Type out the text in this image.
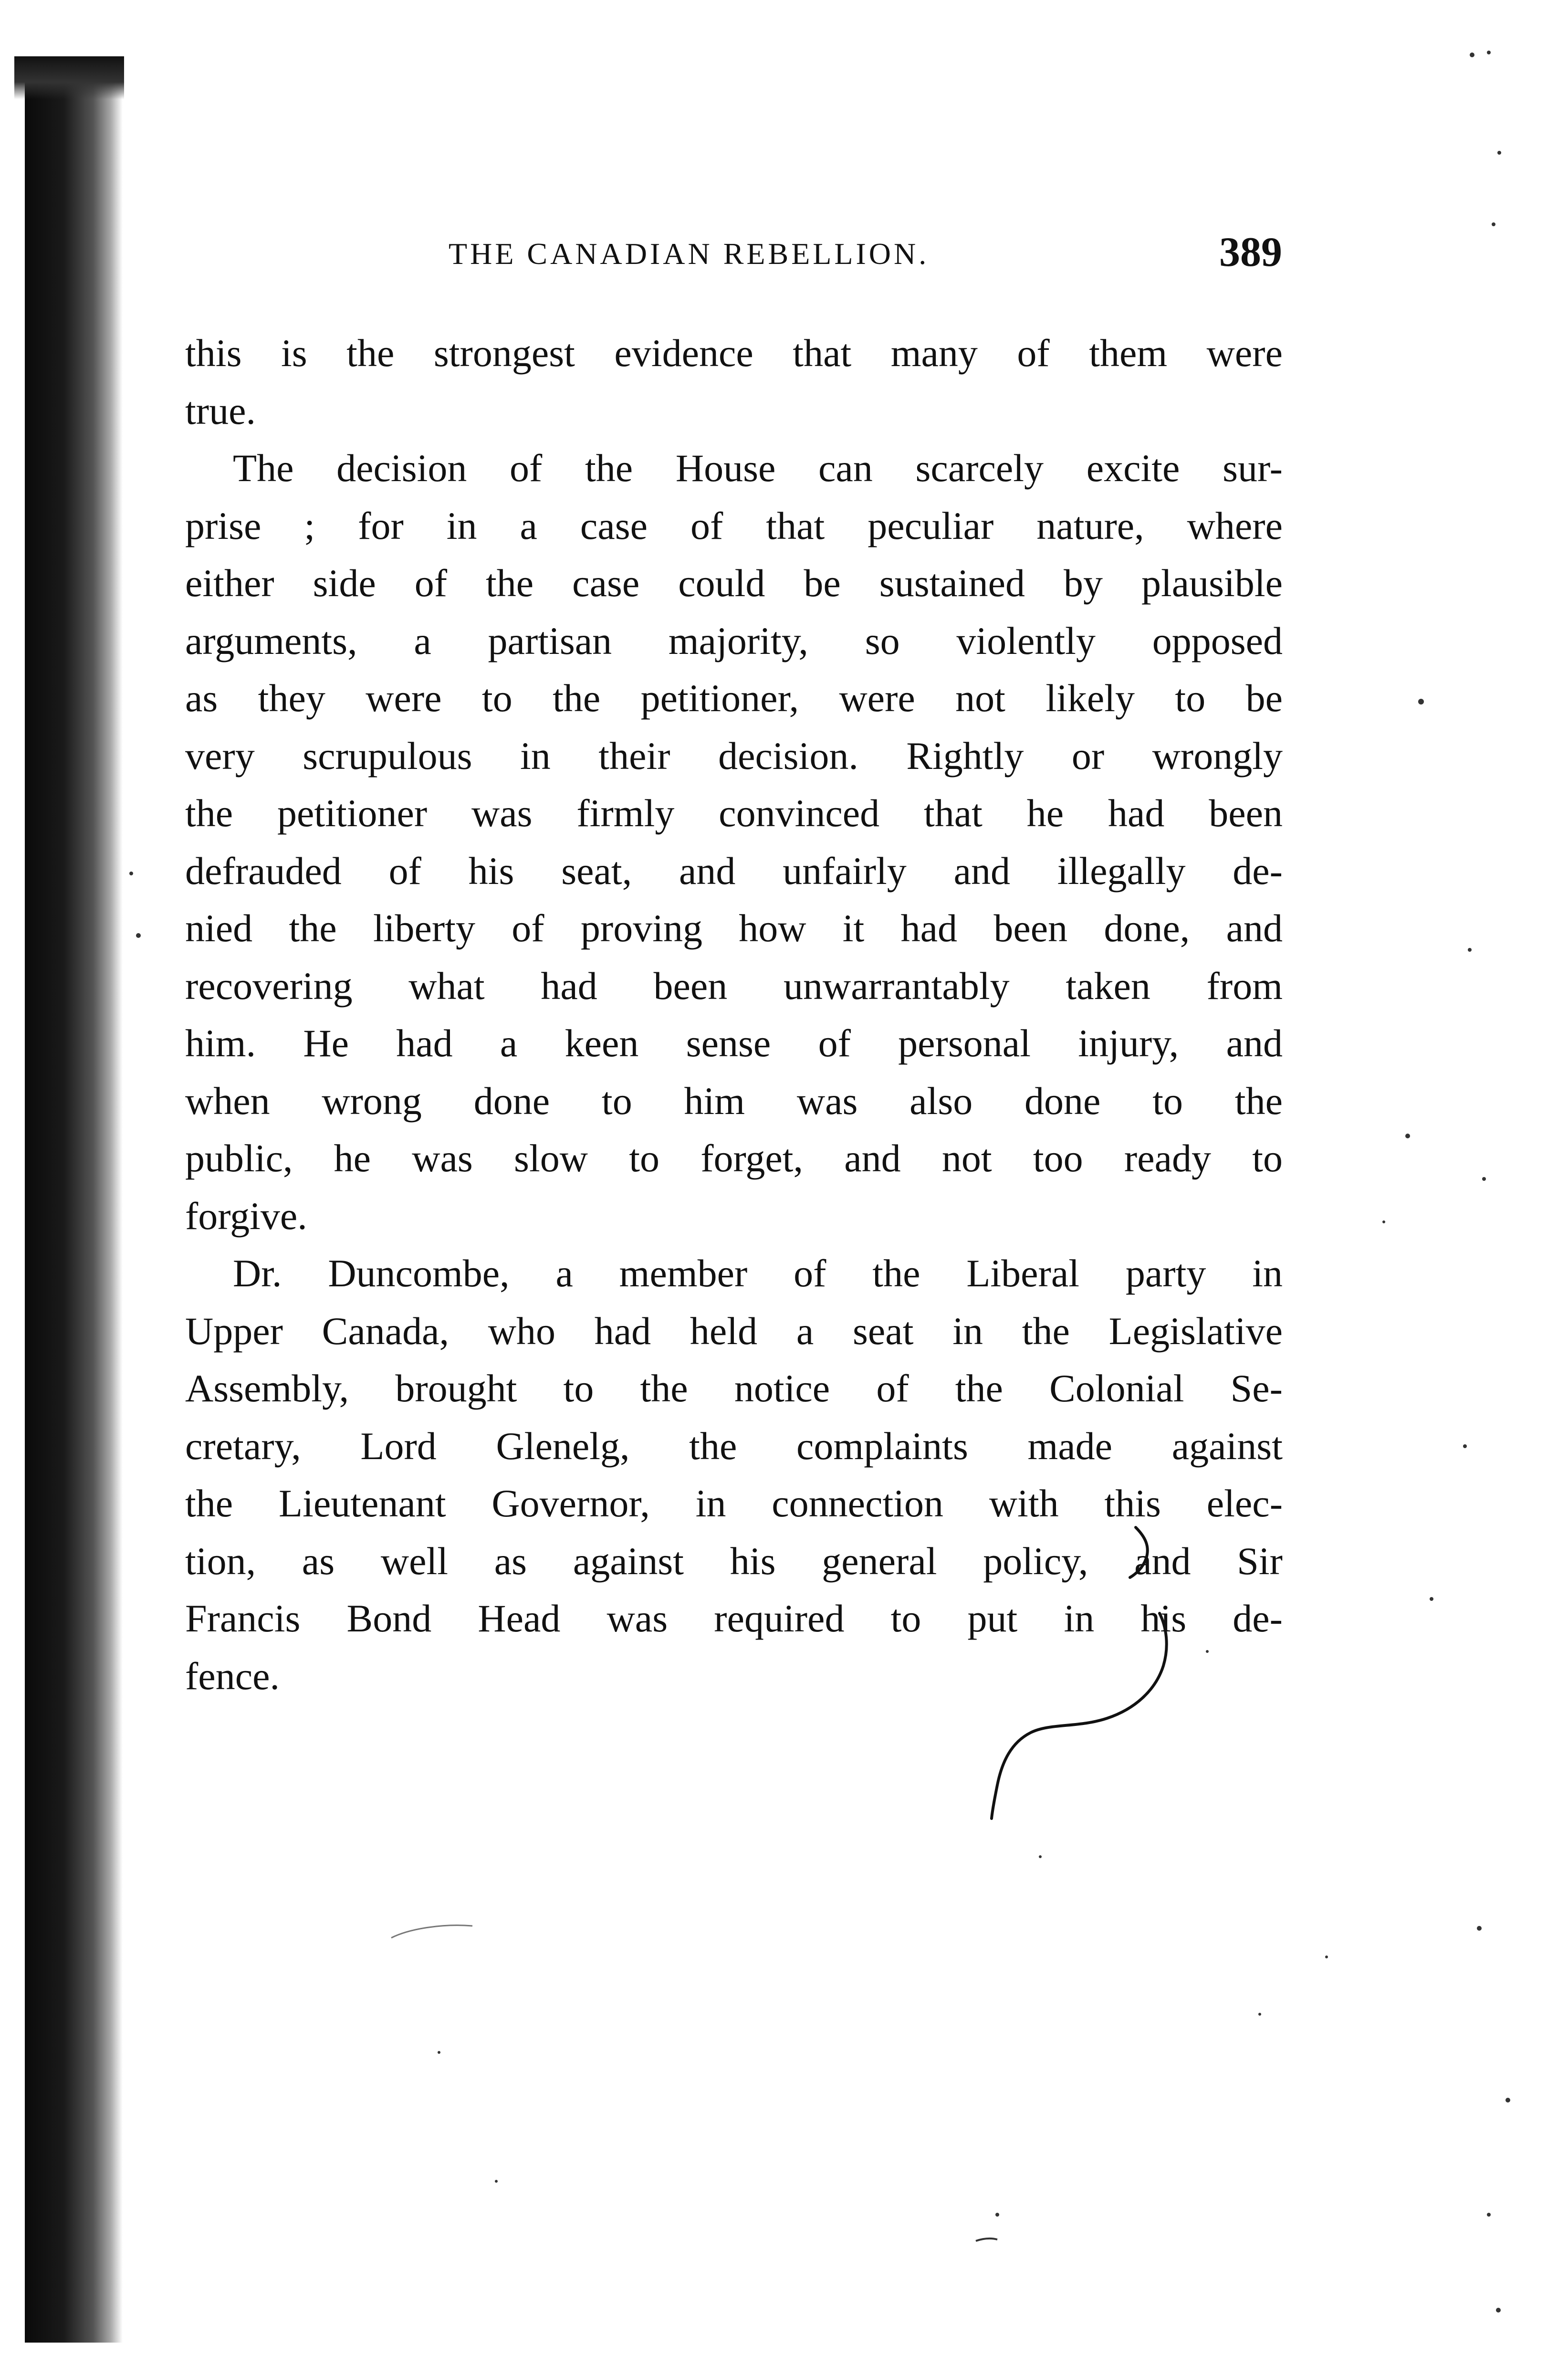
THE CANADIAN REBELLION.	389
this is the strongest evidence that many of them were
true.
The decision of the House can scarcely excite sur-
prise ; for in a case of that peculiar nature, where
either side of the case could be sustained by plausible
arguments, a partisan majority, so violently opposed
as they were to the petitioner, were not likely to be
very scrupulous in their decision. Rightly or wrongly
the petitioner was firmly convinced that he had been
defrauded of his seat, and unfairly and illegally de-
nied the liberty of proving how it had been done, and
recovering what had been unwarrantably taken from
him. He had a keen sense of personal injury, and
when wrong done to him was also done to the
public, he was slow to forget, and not too ready to
forgive.
Dr. Duncombe, a member of the Liberal party in
Upper Canada, who had held a seat in the Legislative
Assembly, brought to the notice of the Colonial Se-
cretary, Lord Glenelg, the complaints made against
the Lieutenant Governor, in connection with this elec-
tion, as well as against his general policy, and Sir
Francis Bond Head was required to put in his de-
fence.
